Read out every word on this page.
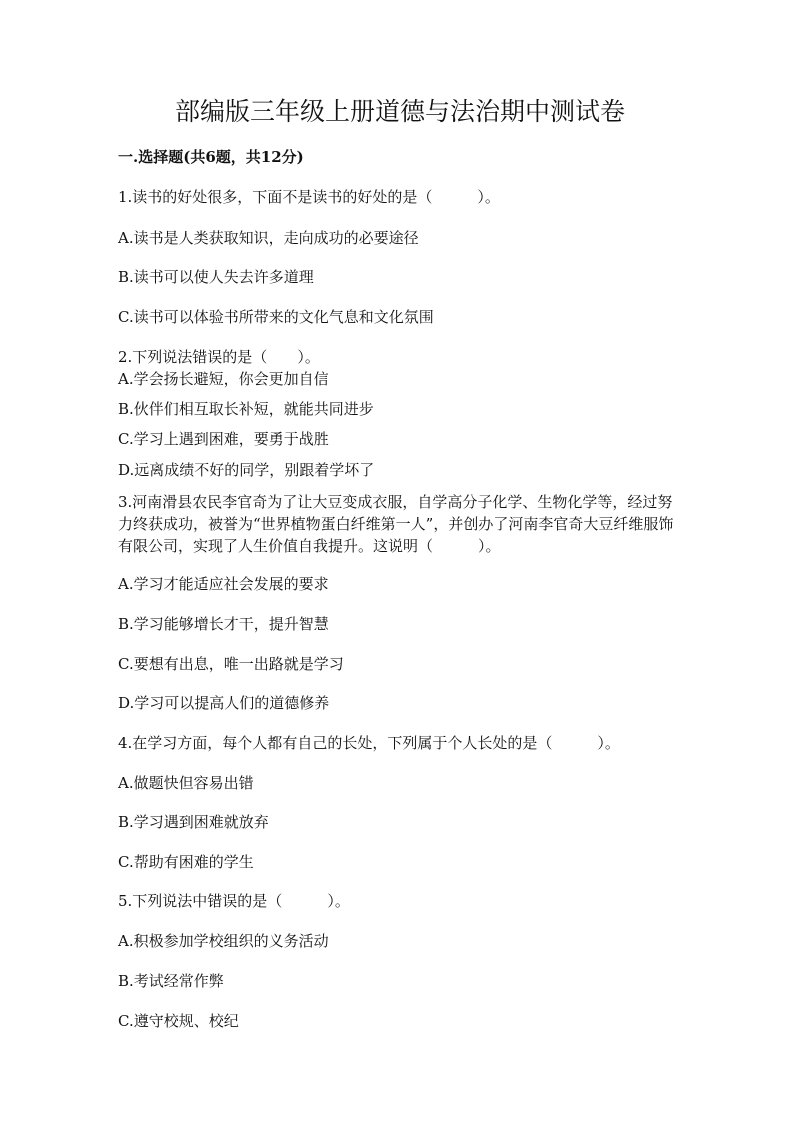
部编版三年级上册道德与法治期中测试卷
一.选择题(共6题，共12分)
1.读书的好处很多，下面不是读书的好处的是（　　　）。
A.读书是人类获取知识，走向成功的必要途径
B.读书可以使人失去许多道理
C.读书可以体验书所带来的文化气息和文化氛围
2.下列说法错误的是（　　）。
A.学会扬长避短，你会更加自信
B.伙伴们相互取长补短，就能共同进步
C.学习上遇到困难，要勇于战胜
D.远离成绩不好的同学，别跟着学坏了
3.河南滑县农民李官奇为了让大豆变成衣服，自学高分子化学、生物化学等，经过努力终获成功，被誉为“世界植物蛋白纤维第一人”，并创办了河南李官奇大豆纤维服饰有限公司，实现了人生价值自我提升。这说明（　　　）。
A.学习才能适应社会发展的要求
B.学习能够增长才干，提升智慧
C.要想有出息，唯一出路就是学习
D.学习可以提高人们的道德修养
4.在学习方面，每个人都有自己的长处，下列属于个人长处的是（　　　）。
A.做题快但容易出错
B.学习遇到困难就放弃
C.帮助有困难的学生
5.下列说法中错误的是（　　　）。
A.积极参加学校组织的义务活动
B.考试经常作弊
C.遵守校规、校纪
